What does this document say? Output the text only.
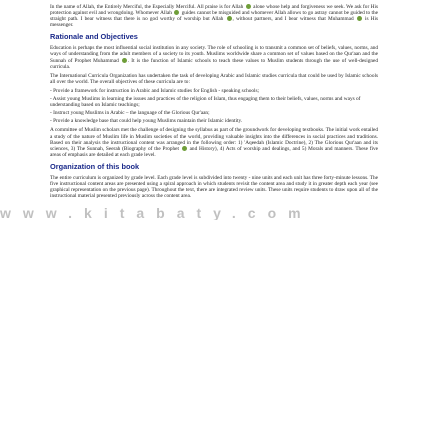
In the name of Allah, the Entirely Merciful, the Especially Merciful. All praise is for Allah alone whose help and forgiveness we seek. We ask for His protection against evil and wrongdoing. Whomever Allah guides cannot be misguided and whomever Allah allows to go astray cannot be guided to the straight path. I bear witness that there is no god worthy of worship but Allah , without partners, and I bear witness that Muhammad is His messenger.

Rationale and Objectives

Education is perhaps the most influential social institution in any society. The role of schooling is to transmit a common set of beliefs, values, norms, and ways of understanding from the adult members of a society to its youth. Muslims worldwide share a common set of values based on the Qur'aan and the Sunnah of Prophet Muhammad . It is the function of Islamic schools to teach these values to Muslim students through the use of well-designed curricula.

The International Curricula Organization has undertaken the task of developing Arabic and Islamic studies curricula that could be used by Islamic schools all over the world. The overall objectives of these curricula are to:

- Provide a framework for instruction in Arabic and Islamic studies for English - speaking schools;
- Assist young Muslims in learning the issues and practices of the religion of Islam, thus engaging them to their beliefs, values, norms and ways of understanding based on Islamic teachings;
- Instruct young Muslims in Arabic – the language of the Glorious Qur'aan;
- Provide a knowledge base that could help young Muslims maintain their Islamic identity.

A committee of Muslim scholars met the challenge of designing the syllabus as part of the groundwork for developing textbooks. The initial work entailed a study of the nature of Muslim life in Muslim societies of the world, providing valuable insights into the differences in social practices and traditions. Based on their analysis the instructional content was arranged in the following order: 1) 'Aqeedah (Islamic Doctrine), 2) The Glorious Qur'aan and its sciences, 3) The Sunnah, Seerah (Biography of the Prophet and History), 4) Acts of worship and dealings, and 5) Morals and manners. These five areas of emphasis are detailed at each grade level.

Organization of this book

The entire curriculum is organized by grade level. Each grade level is subdivided into twenty - nine units and each unit has three forty-minute lessons. The five instructional content areas are presented using a spiral approach in which students revisit the content area and study it in greater depth each year (see graphical representation on the previous page). Throughout the text, there are integrated review units. These units require students to draw upon all of the instructional material presented previously across the content area.

www.kitabaty.com
